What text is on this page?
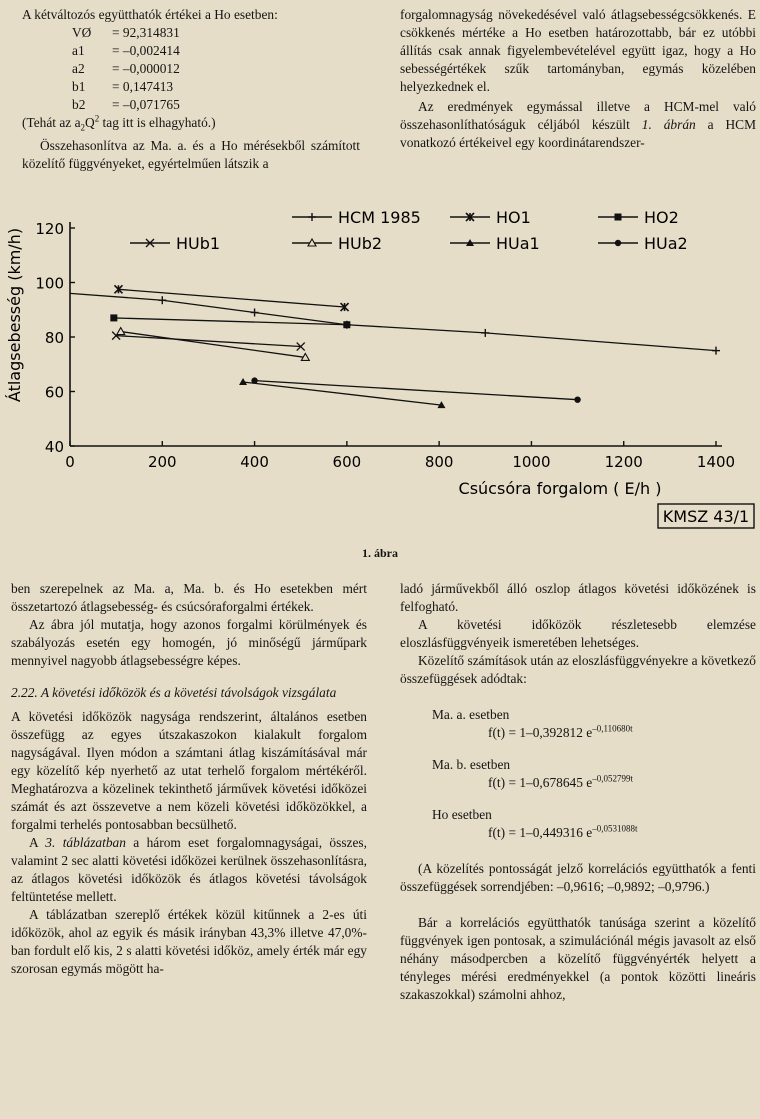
A kétváltozós együtthatók értékei a Ho esetben:

VØ = 92,314831
a1 = –0,002414
a2 = –0,000012
b1 = 0,147413
b2 = –0,071765

(Tehát az $a_2Q^2$ tag itt is elhagyható.)

Összehasonlítva az Ma. a. és a Ho mérésekből számított közelítő függvényeket, egyértelműen látszik a

forgalomnagyság növekedésével való átlagsebességcsökkenés. E csökkenés mértéke a Ho esetben határozottabb, bár ez utóbbi állítás csak annak figyelembevételével együtt igaz, hogy a Ho sebességértékek szűk tartományban, egymás közelében helyezkednek el.

Az eredmények egymással illetve a HCM-mel való összehasonlíthatóságuk céljából készült 1. ábrán a HCM vonatkozó értékeivel egy koordinátarendszer-

HCM 1985	HO1	HO2
HUb1	HUb2	HUa1	HUa2
0	200	400	600	800	1000	1200	1400
40
60
80
100
120
Átlagsebesség (km/h)
Csúcsóra forgalom ( E/h )
KMSZ 43/1
1. ábra

ben szerepelnek az Ma. a, Ma. b. és Ho esetekben mért összetartozó átlagsebesség- és csúcsóraforgalmi értékek.

Az ábra jól mutatja, hogy azonos forgalmi körülmények és szabályozás esetén egy homogén, jó minőségű járműpark mennyivel nagyobb átlagsebességre képes.

2.22. A követési időközök és a követési távolságok vizsgálata

A követési időközök nagysága rendszerint, általános esetben összefügg az egyes útszakaszokon kialakult forgalom nagyságával. Ilyen módon a számtani átlag kiszámításával már egy közelítő kép nyerhető az utat terhelő forgalom mértékéről. Meghatározva a közelinek tekinthető járművek követési időközei számát és azt összevetve a nem közeli követési időközökkel, a forgalmi terhelés pontosabban becsülhető.

A 3. táblázatban a három eset forgalomnagyságai, összes, valamint 2 sec alatti követési időközei kerülnek összehasonlításra, az átlagos követési időközök és átlagos követési távolságok feltüntetése mellett.

A táblázatban szereplő értékek közül kitűnnek a 2-es úti időközök, ahol az egyik és másik irányban 43,3% illetve 47,0%-ban fordult elő kis, 2 s alatti követési időköz, amely érték már egy szorosan egymás mögött ha-

ladó járművekből álló oszlop átlagos követési időközének is felfogható.

A követési időközök részletesebb elemzése eloszlásfüggvényeik ismeretében lehetséges.

Közelítő számítások után az eloszlásfüggvényekre a következő összefüggések adódtak:

Ma. a. esetben
f(t) = 1–0,392812 $e^{-0,110680t}$
Ma. b. esetben
f(t) = 1–0,678645 $e^{-0,052799t}$
Ho esetben
f(t) = 1–0,449316 $e^{-0,0531088t}$

(A közelítés pontosságát jelző korrelációs együtthatók a fenti összefüggések sorrendjében: –0,9616; –0,9892; –0,9796.)

Bár a korrelációs együtthatók tanúsága szerint a közelítő függvények igen pontosak, a szimulációnál mégis javasolt az első néhány másodpercben a közelítő függvényérték helyett a tényleges mérési eredményekkel (a pontok közötti lineáris szakaszokkal) számolni ahhoz,
